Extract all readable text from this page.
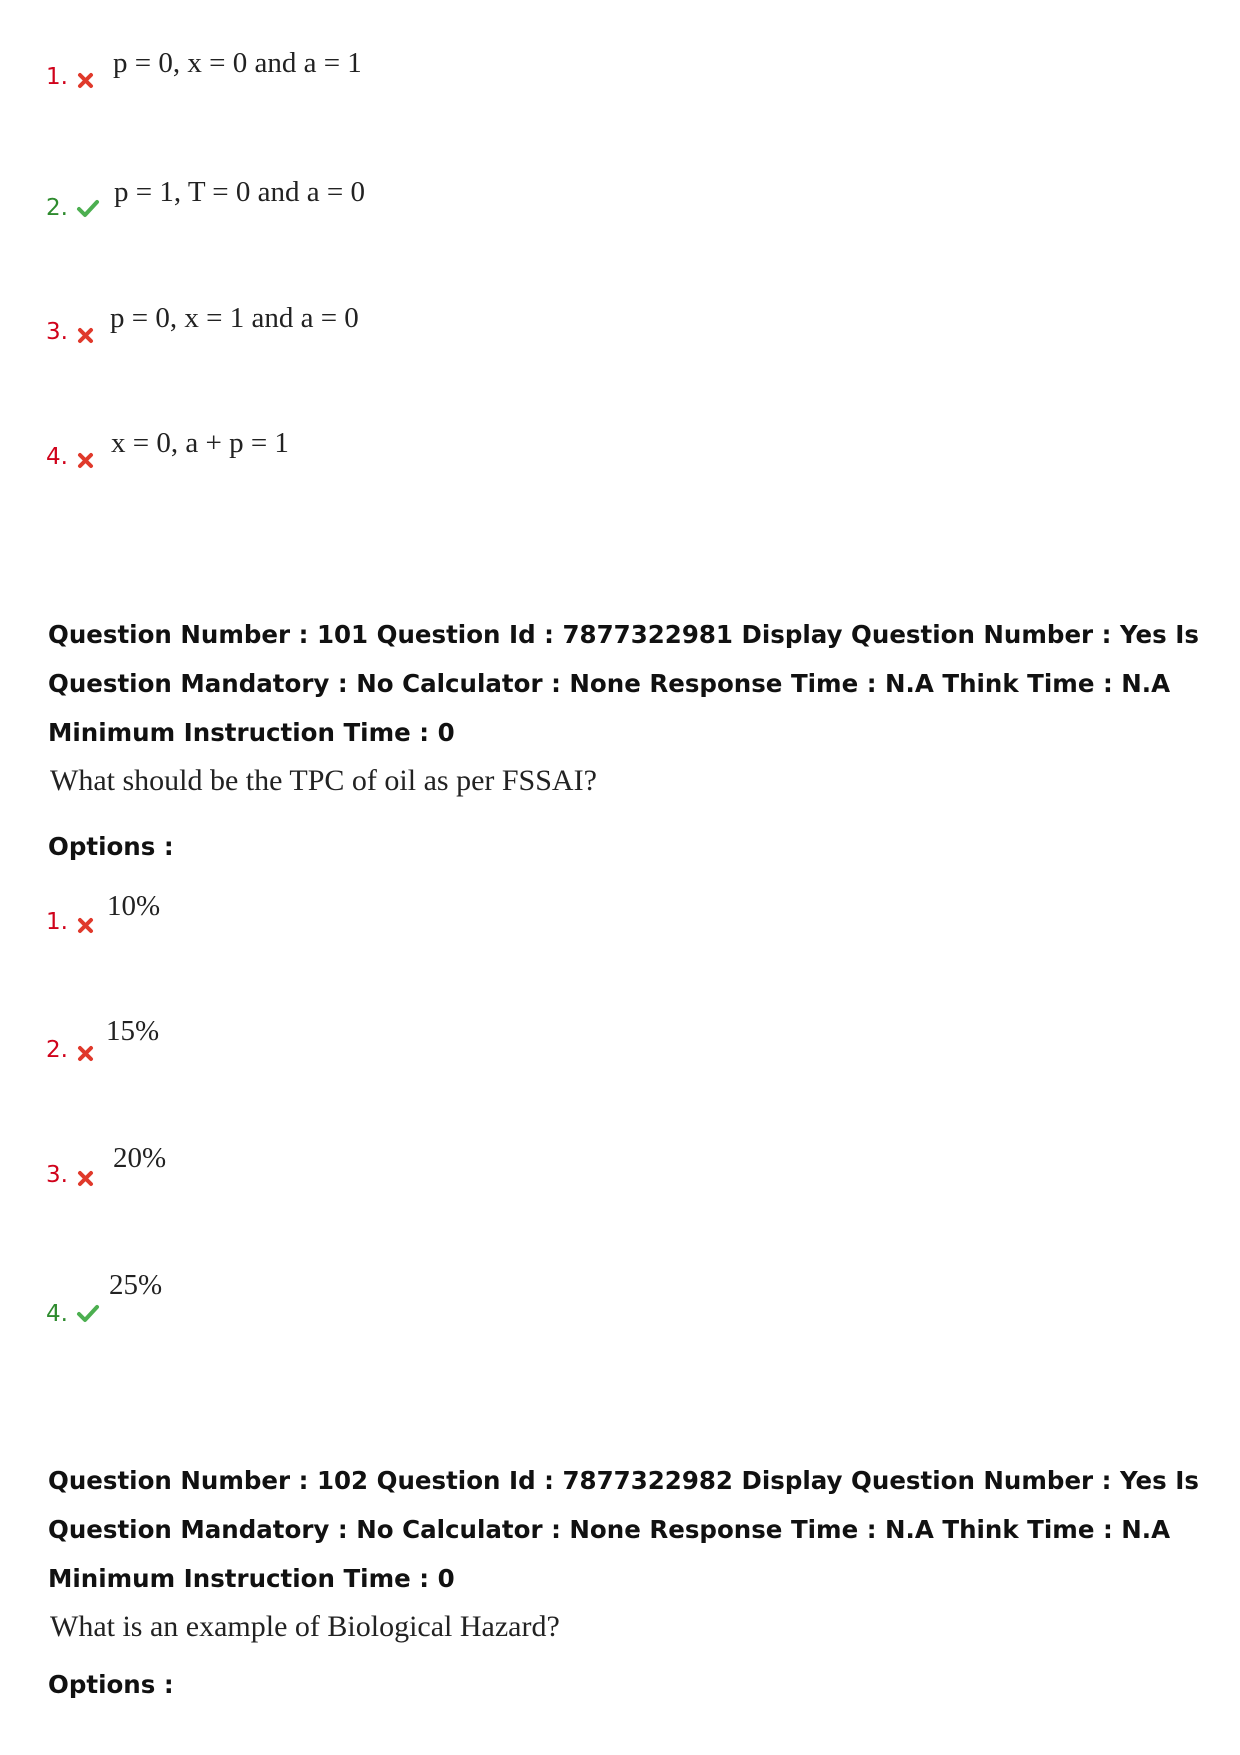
1. p = 0, x = 0 and a = 1
2. p = 1, T = 0 and a = 0
3. p = 0, x = 1 and a = 0
4. x = 0, a + p = 1
Question Number : 101 Question Id : 7877322981 Display Question Number : Yes Is Question Mandatory : No Calculator : None Response Time : N.A Think Time : N.A Minimum Instruction Time : 0
What should be the TPC of oil as per FSSAI?
Options :
1. 10%
2.
15%
3.
20%
4.
25%
Question Number : 102 Question Id : 7877322982 Display Question Number : Yes Is Question Mandatory : No Calculator : None Response Time : N.A Think Time : N.A Minimum Instruction Time : 0
What is an example of Biological Hazard?
Options :
